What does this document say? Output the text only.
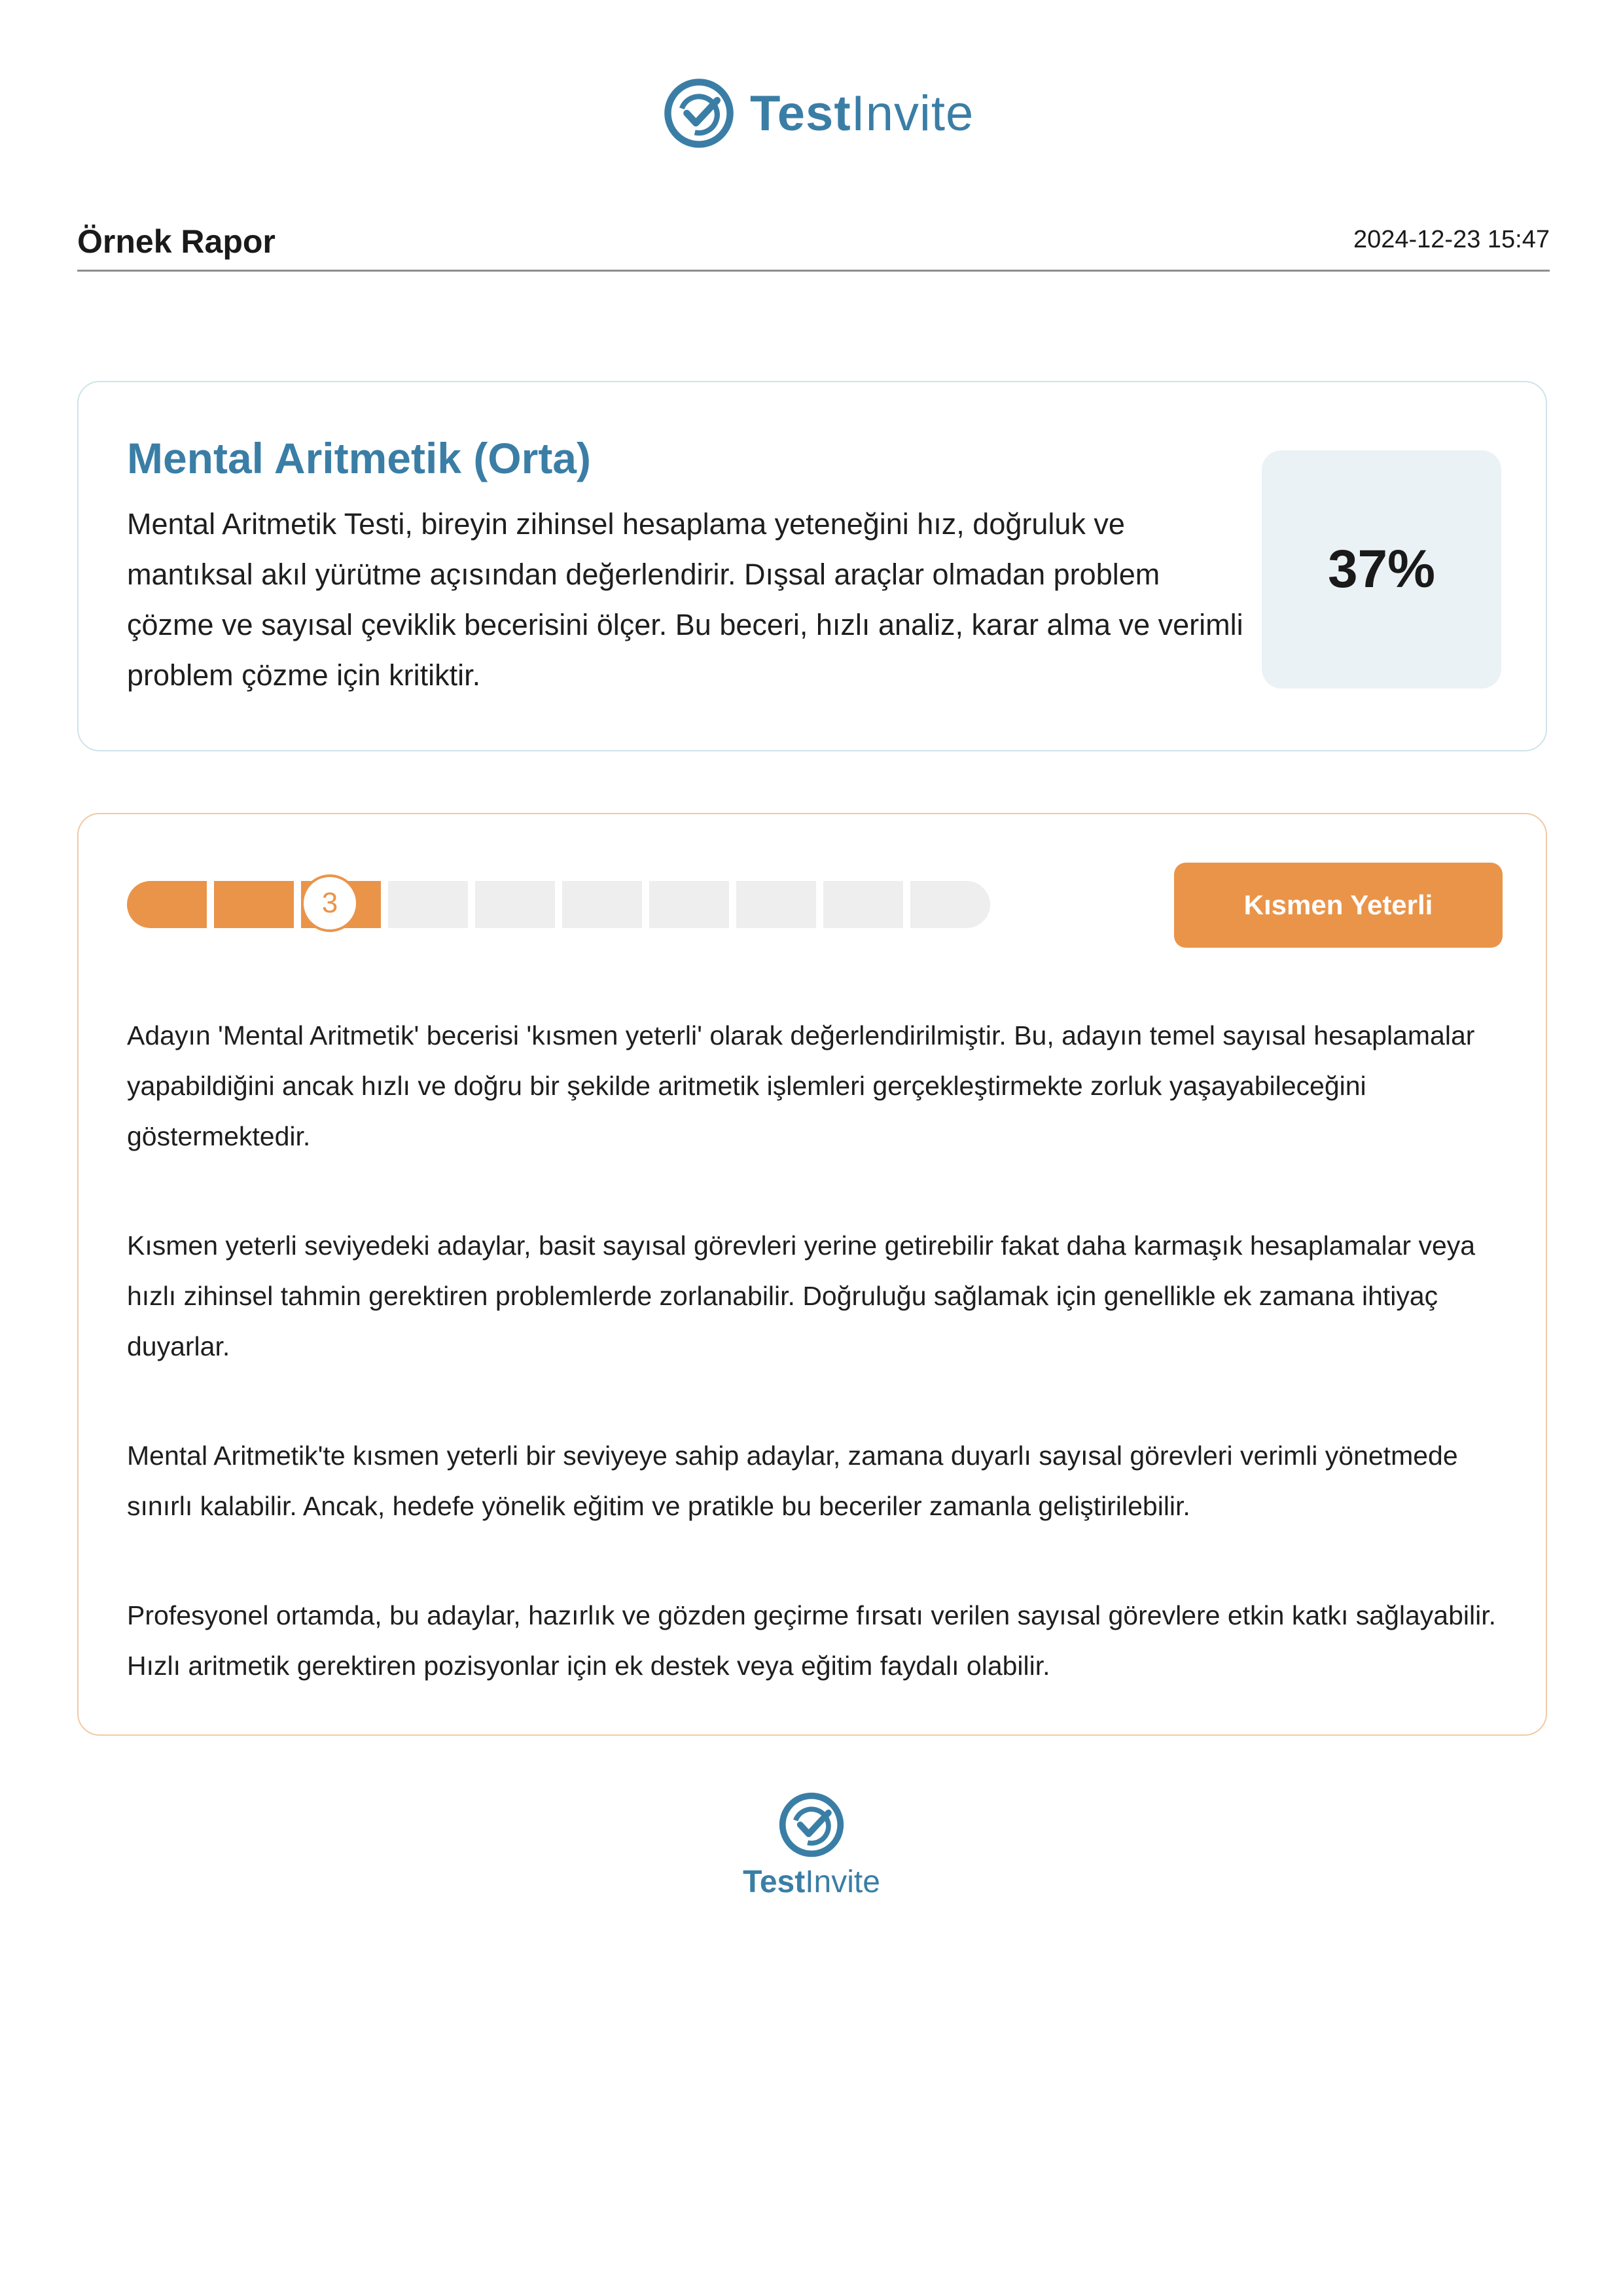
TestInvite
Örnek Rapor	2024-12-23 15:47
Mental Aritmetik (Orta)
Mental Aritmetik Testi, bireyin zihinsel hesaplama yeteneğini hız, doğruluk ve mantıksal akıl yürütme açısından değerlendirir. Dışsal araçlar olmadan problem çözme ve sayısal çeviklik becerisini ölçer. Bu beceri, hızlı analiz, karar alma ve verimli problem çözme için kritiktir.
37%
3	Kısmen Yeterli
Adayın 'Mental Aritmetik' becerisi 'kısmen yeterli' olarak değerlendirilmiştir. Bu, adayın temel sayısal hesaplamalar yapabildiğini ancak hızlı ve doğru bir şekilde aritmetik işlemleri gerçekleştirmekte zorluk yaşayabileceğini göstermektedir.
Kısmen yeterli seviyedeki adaylar, basit sayısal görevleri yerine getirebilir fakat daha karmaşık hesaplamalar veya hızlı zihinsel tahmin gerektiren problemlerde zorlanabilir. Doğruluğu sağlamak için genellikle ek zamana ihtiyaç duyarlar.
Mental Aritmetik'te kısmen yeterli bir seviyeye sahip adaylar, zamana duyarlı sayısal görevleri verimli yönetmede sınırlı kalabilir. Ancak, hedefe yönelik eğitim ve pratikle bu beceriler zamanla geliştirilebilir.
Profesyonel ortamda, bu adaylar, hazırlık ve gözden geçirme fırsatı verilen sayısal görevlere etkin katkı sağlayabilir. Hızlı aritmetik gerektiren pozisyonlar için ek destek veya eğitim faydalı olabilir.
TestInvite
